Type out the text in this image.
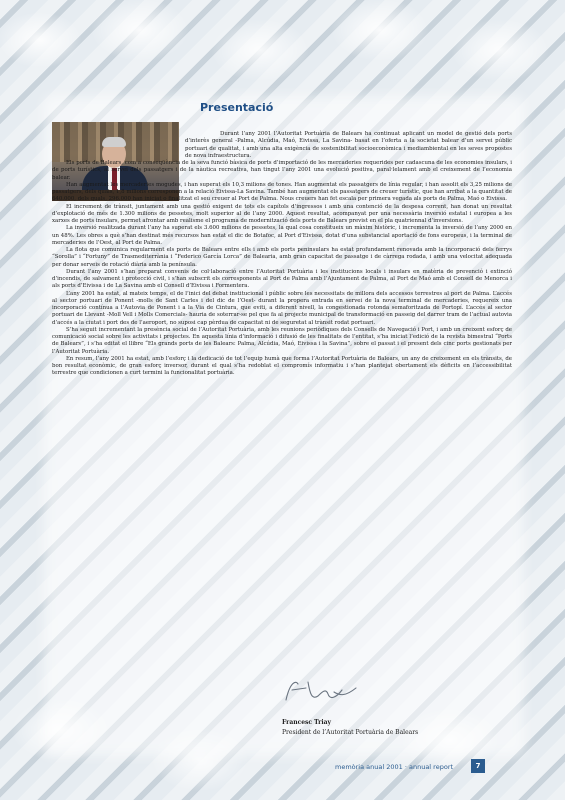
Presentació

Durant l’any 2001 l’Autoritat Portuària de Balears ha continuat aplicant un model de gestió dels ports d’interès general -Palma, Alcúdia, Maó, Eivissa, La Savina- basat en l’oferta a la societat balear d’un servei públic portuari de qualitat, i amb una alta exigència de sostenibilitat socioeconòmica i mediambiental en les seves propostes de nova infraestructura.

Els ports de Balears, com a conseqüència de la seva funció bàsica de ports d’importació de les mercaderies requerides per cadascuna de les economies insulars, i de ports turístics, al servei dels passatgers i de la nàutica recreativa, han tingut l’any 2001 una evolució positiva, paral·lelament amb el creixement de l’economia balear.

Han augmentat les mercaderies mogudes, i han superat els 10,3 milions de tones. Han augmentat els passatgers de línia regular, i han assolit els 3,25 milions de passatgers, dels quals, 1,8 milions corresponen a la relació Eivissa-La Savina. També han augmentat els passatgers de creuer turístic, que han arribat a la quantitat de 640.000, dels quals, 296.000 han iniciat o finalitzat el seu creuer al Port de Palma. Nous creuers han fet escala per primera vegada als ports de Palma, Maó o Eivissa.

El increment de trànsit, juntament amb una gestió exigent de tots els capítols d’ingressos i amb una contenció de la despesa corrent, han donat un resultat d’explotació de més de 1.300 milions de pessetes, molt superior al de l’any 2000. Aquest resultat, acompanyat per una necessària inversió estatal i europea a les xarxes de ports insulars, permet afrontar amb realisme el programa de modernització dels ports de Balears previst en el pla quatriennal d’inversions.

La inversió realitzada durant l’any ha superat els 3.600 milions de pessetes, la qual cosa constitueix un màxim històric, i incrementa la inversió de l’any 2000 en un 48%. Les obres a què s’han destinat més recursos han estat el dic de Botafoc, al Port d’Eivissa, dotat d’una substancial aportació de fons europeus, i la terminal de mercaderies de l’Oest, al Port de Palma.

La flota que comunica regularment els ports de Balears entre ells i amb els ports peninsulars ha estat profundament renovada amb la incorporació dels ferrys “Sorolla” i “Fortuny” de Trasmediterrània i “Federico García Lorca” de Balearia, amb gran capacitat de passatge i de càrrega rodada, i amb una velocitat adequada per donar serveis de rotació diària amb la península.

Durant l’any 2001 s’han preparat convenis de col·laboració entre l’Autoritat Portuària i les institucions locals i insulars en matèria de prevenció i extinció d’incendis, de salvament i protecció civil, i s’han subscrit els corresponents al Port de Palma amb l’Ajuntament de Palma, al Port de Maó amb el Consell de Menorca i als ports d’Eivissa i de La Savina amb el Consell d’Eivissa i Formentera.

L’any 2001 ha estat, al mateix temps, el de l’inici del debat institucional i públic sobre les necessitats de millora dels accessos terrestres al port de Palma. L’accés al sector portuari de Ponent -molls de Sant Carles i del dic de l’Oest- durant la propera entrada en servei de la nova terminal de mercaderies, requereix una incorporació contínua a l’Autovia de Ponent i a la Via de Cintura, que eviti, a diferent nivell, la congestionada rotonda semaforitzada de Portopí. L’accés al sector portuari de Llevant -Moll Vell i Molls Comercials- hauria de soterrar-se pel que fa al projecte municipal de transformació en passeig del darrer tram de l’actual autovia d’accés a la ciutat i port des de l’aeroport, no suposi cap pèrdua de capacitat ni de seguretat al trànsit rodat portuari.

S’ha seguit incrementant la presència social de l’Autoritat Portuària, amb les reunions periòdiques dels Consells de Navegació i Port, i amb un creixent esforç de comunicació social sobre les activitats i projectes. En aquesta línia d’informació i difusió de les finalitats de l’entitat, s’ha iniciat l’edició de la revista bimestral “Ports de Balears”, i s’ha editat el llibre “Els grands ports de les Balears: Palma, Alcúdia, Maó, Eivissa i la Savina”, sobre el passat i el present dels cinc ports gestionats per l’Autoritat Portuària.

En resum, l’any 2001 ha estat, amb l’esforç i la dedicació de tot l’equip humà que forma l’Autoritat Portuària de Balears, un any de creixement en els trànsits, de bon resultat econòmic, de gran esforç inversor, durant el qual s’ha redoblat el compromís informatiu i s’han plantejat obertament els dèficits en l’accessibilitat terrestre que condicionen a curt termini la funcionalitat portuària.

Francesc Triay
President de l’Autoritat Portuària de Balears
memòria anual 2001 · annual report	7
